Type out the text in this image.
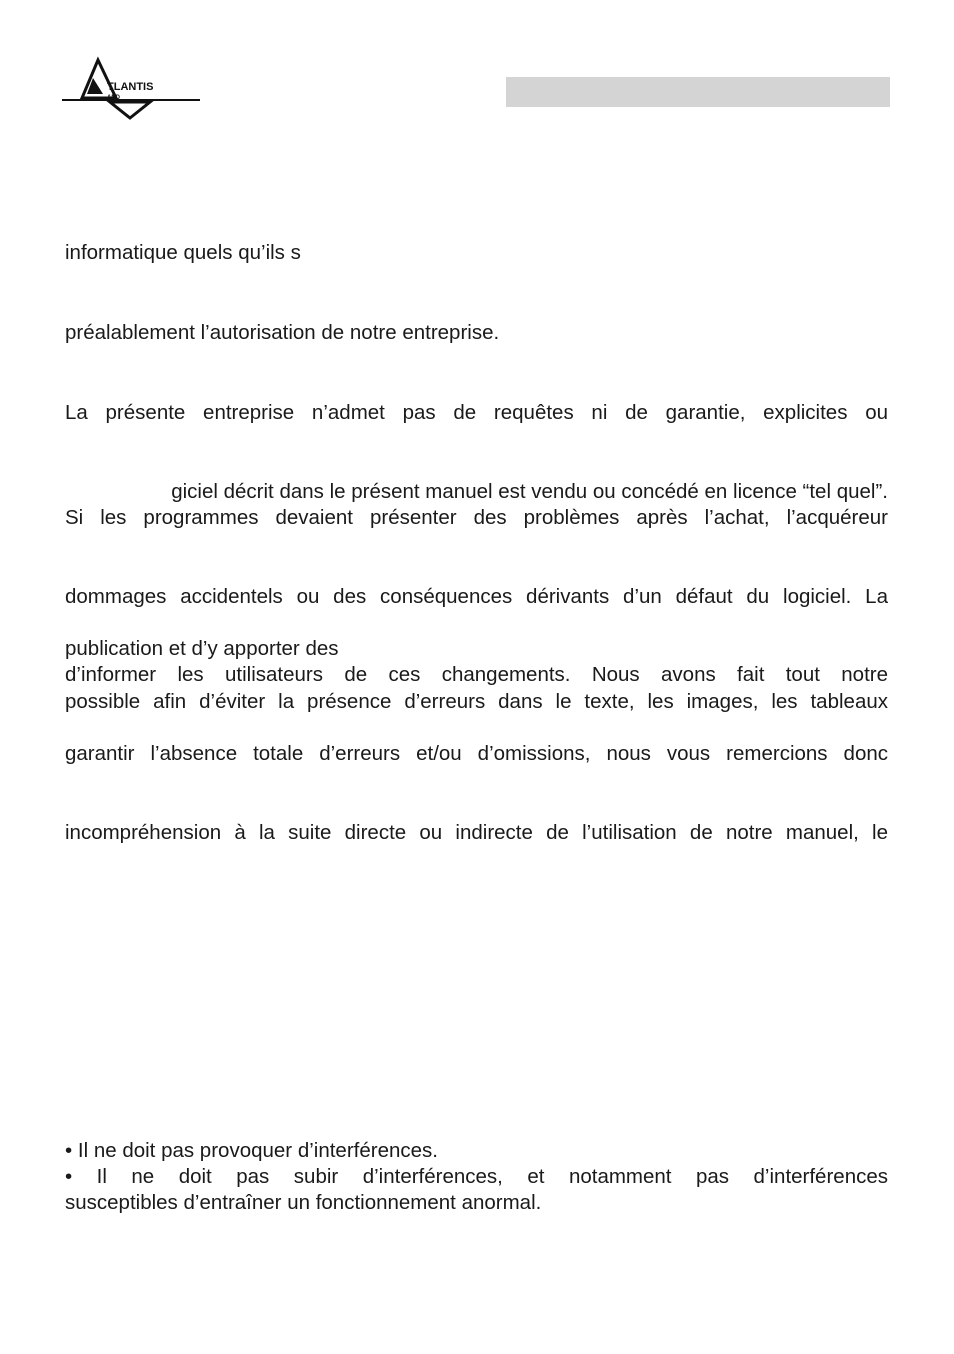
TLANTIS
AND

informatique quels qu’ils s

préalablement l’autorisation de notre entreprise.

La présente entreprise n’admet pas de requêtes ni de garantie, explicites ou

giciel décrit dans le présent manuel est vendu ou concédé en licence “tel quel”.

Si les programmes devaient présenter des problèmes après l’achat, l’acquéreur

dommages accidentels ou des conséquences dérivants d’un défaut du logiciel. La

publication et d’y apporter des

d’informer les utilisateurs de ces changements. Nous avons fait tout notre

possible afin d’éviter la présence d’erreurs dans le texte, les images, les tableaux

garantir l’absence totale d’erreurs et/ou d’omissions, nous vous remercions donc

incompréhension à la suite directe ou indirecte de l’utilisation de notre manuel, le

• Il ne doit pas provoquer d’interférences.

• Il ne doit pas subir d’interférences, et notamment pas d’interférences

susceptibles d’entraîner un fonctionnement anormal.
